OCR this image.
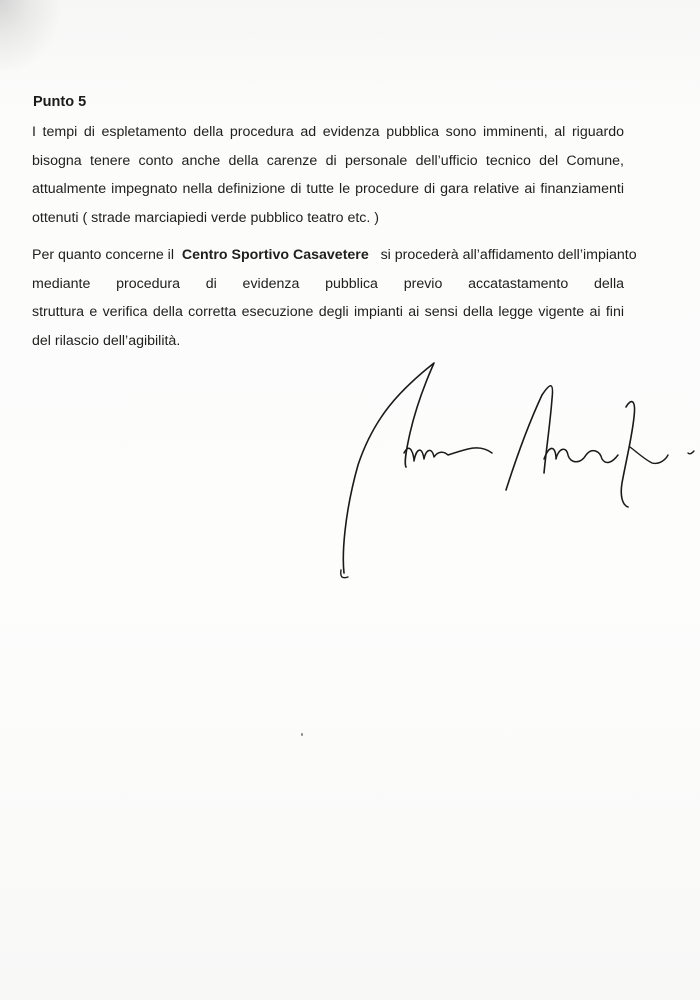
Punto 5

I tempi di espletamento della procedura ad evidenza pubblica sono imminenti, al riguardo
bisogna tenere conto anche della carenze di personale dell’ufficio tecnico del Comune,
attualmente impegnato nella definizione di tutte le procedure di gara relative ai finanziamenti
ottenuti ( strade marciapiedi verde pubblico teatro etc. )

Per quanto concerne il Centro Sportivo Casavetere si procederà all’affidamento dell’impianto
mediante procedura di evidenza pubblica previo accatastamento della
struttura e verifica della corretta esecuzione degli impianti ai sensi della legge vigente ai fini
del rilascio dell’agibilità.
